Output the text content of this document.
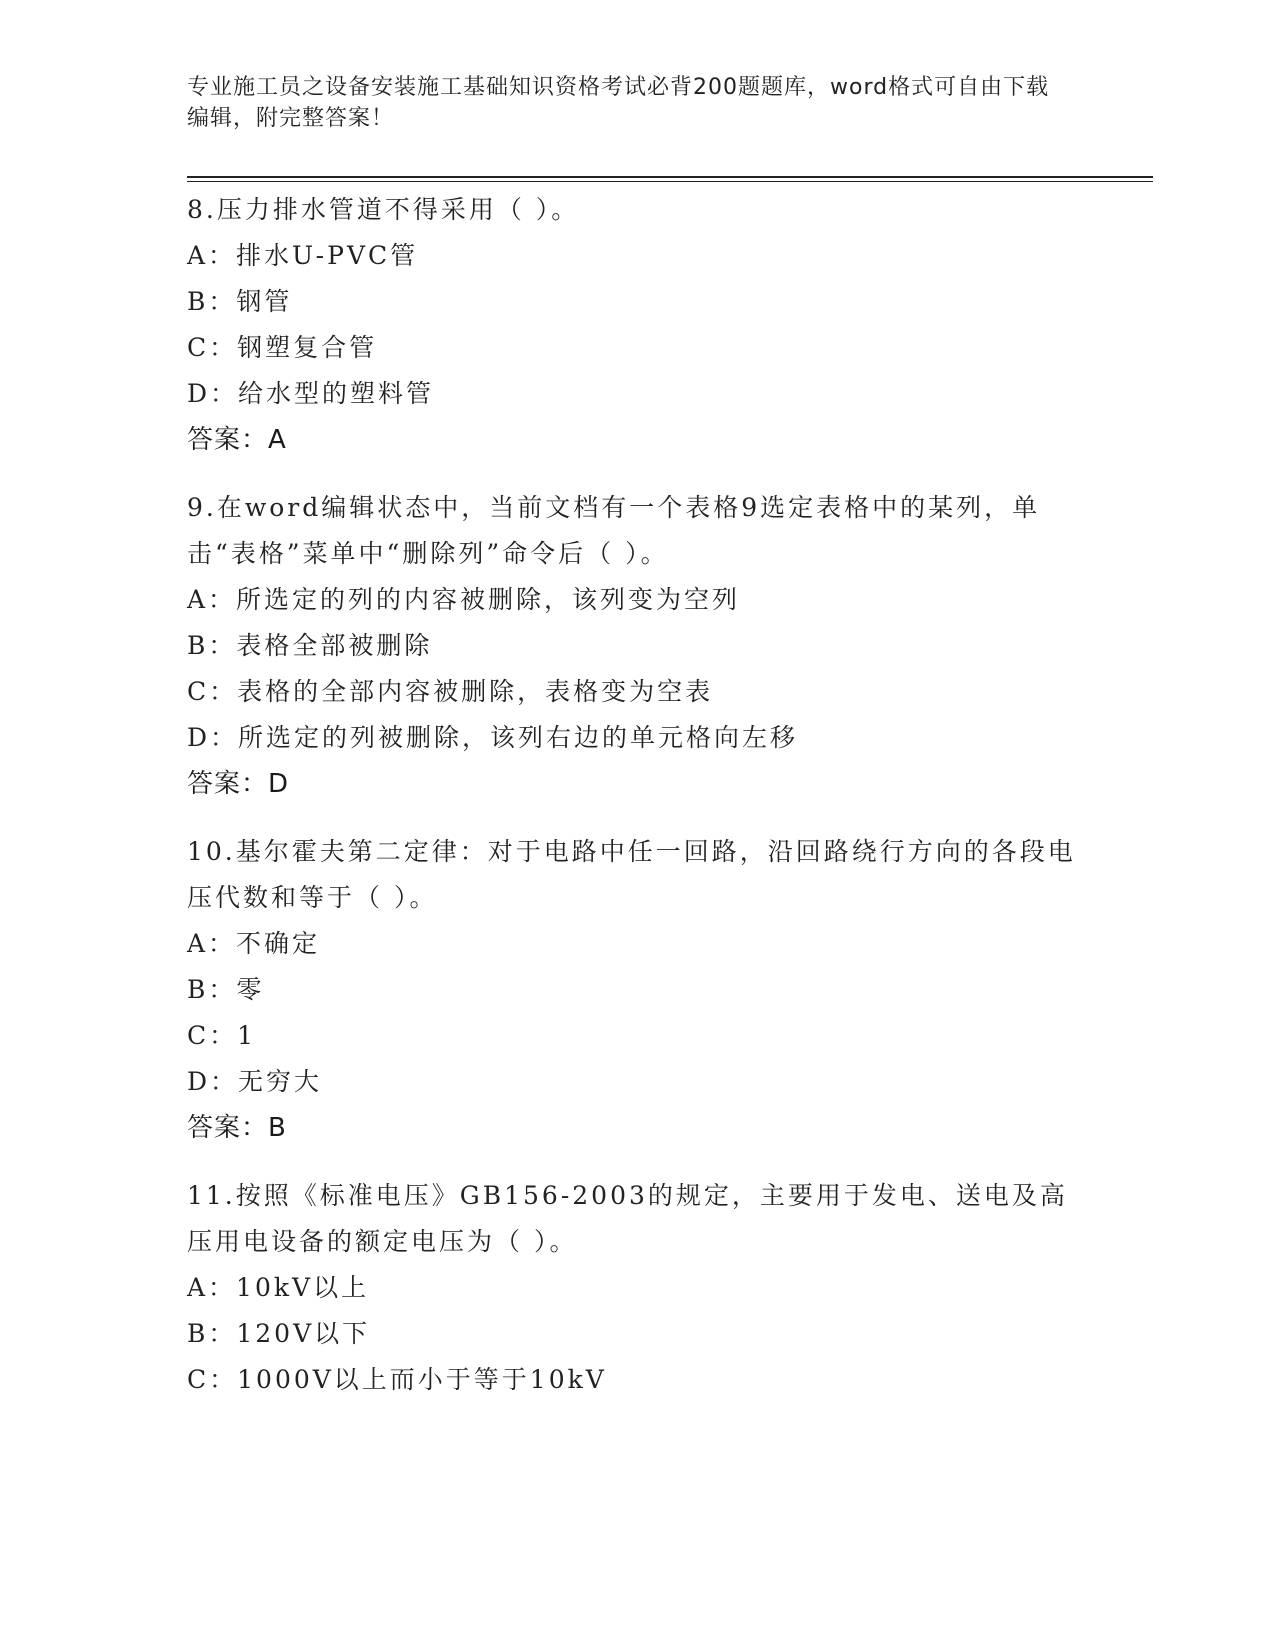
专业施工员之设备安装施工基础知识资格考试必背200题题库，word格式可自由下载编辑，附完整答案！
8.压力排水管道不得采用（ ）。
A：排水U-PVC管
B：钢管
C：钢塑复合管
D：给水型的塑料管
答案：A
9.在word编辑状态中，当前文档有一个表格9选定表格中的某列，单击“表格”菜单中“删除列”命令后（ ）。
A：所选定的列的内容被删除，该列变为空列
B：表格全部被删除
C：表格的全部内容被删除，表格变为空表
D：所选定的列被删除，该列右边的单元格向左移
答案：D
10.基尔霍夫第二定律：对于电路中任一回路，沿回路绕行方向的各段电压代数和等于（ ）。
A：不确定
B：零
C：1
D：无穷大
答案：B
11.按照《标准电压》GB156-2003的规定，主要用于发电、送电及高压用电设备的额定电压为（ ）。
A：10kV以上
B：120V以下
C：1000V以上而小于等于10kV
